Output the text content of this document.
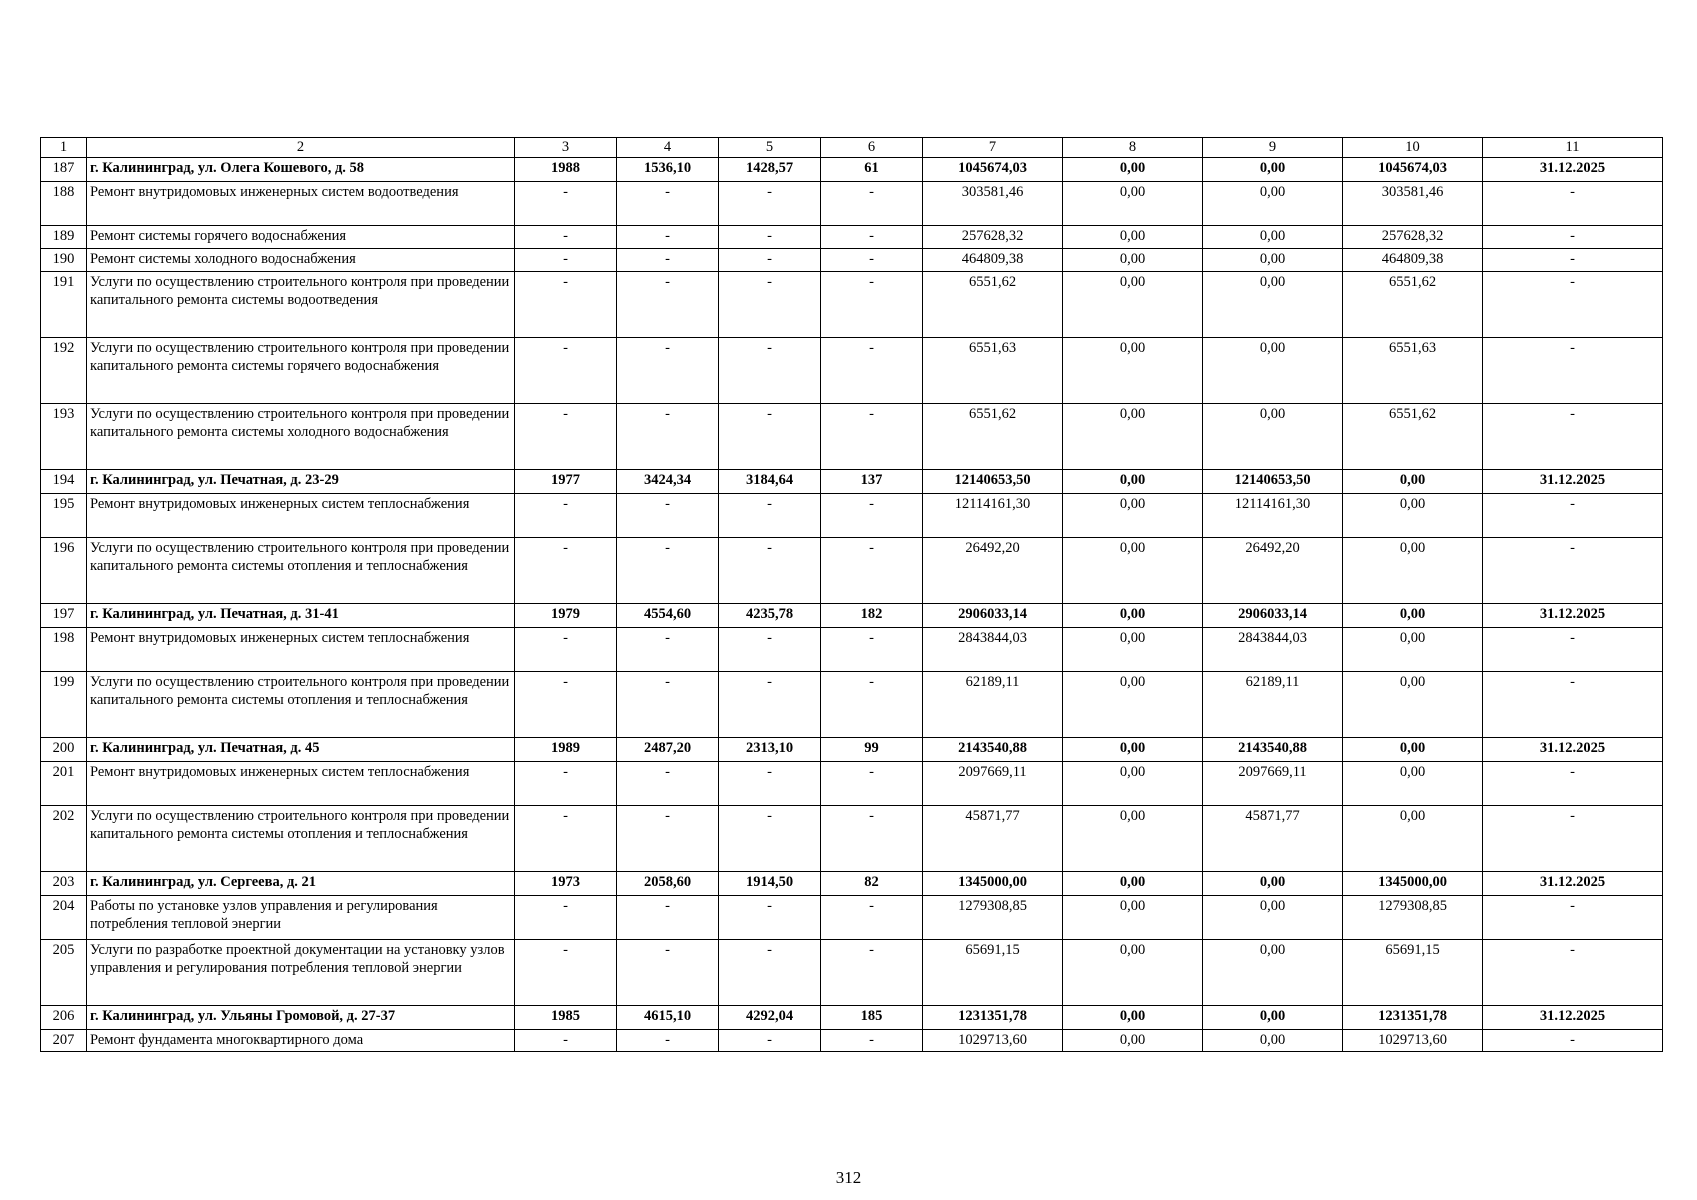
1	2	3	4	5	6	7	8	9	10	11
187	г. Калининград, ул. Олега Кошевого, д. 58	1988	1536,10	1428,57	61	1045674,03	0,00	0,00	1045674,03	31.12.2025
188	Ремонт внутридомовых инженерных систем водоотведения	-	-	-	-	303581,46	0,00	0,00	303581,46	-
189	Ремонт системы горячего водоснабжения	-	-	-	-	257628,32	0,00	0,00	257628,32	-
190	Ремонт системы холодного водоснабжения	-	-	-	-	464809,38	0,00	0,00	464809,38	-
191	Услуги по осуществлению строительного контроля при проведении капитального ремонта системы водоотведения	-	-	-	-	6551,62	0,00	0,00	6551,62	-
192	Услуги по осуществлению строительного контроля при проведении капитального ремонта системы горячего водоснабжения	-	-	-	-	6551,63	0,00	0,00	6551,63	-
193	Услуги по осуществлению строительного контроля при проведении капитального ремонта системы холодного водоснабжения	-	-	-	-	6551,62	0,00	0,00	6551,62	-
194	г. Калининград, ул. Печатная, д. 23-29	1977	3424,34	3184,64	137	12140653,50	0,00	12140653,50	0,00	31.12.2025
195	Ремонт внутридомовых инженерных систем теплоснабжения	-	-	-	-	12114161,30	0,00	12114161,30	0,00	-
196	Услуги по осуществлению строительного контроля при проведении капитального ремонта системы отопления и теплоснабжения	-	-	-	-	26492,20	0,00	26492,20	0,00	-
197	г. Калининград, ул. Печатная, д. 31-41	1979	4554,60	4235,78	182	2906033,14	0,00	2906033,14	0,00	31.12.2025
198	Ремонт внутридомовых инженерных систем теплоснабжения	-	-	-	-	2843844,03	0,00	2843844,03	0,00	-
199	Услуги по осуществлению строительного контроля при проведении капитального ремонта системы отопления и теплоснабжения	-	-	-	-	62189,11	0,00	62189,11	0,00	-
200	г. Калининград, ул. Печатная, д. 45	1989	2487,20	2313,10	99	2143540,88	0,00	2143540,88	0,00	31.12.2025
201	Ремонт внутридомовых инженерных систем теплоснабжения	-	-	-	-	2097669,11	0,00	2097669,11	0,00	-
202	Услуги по осуществлению строительного контроля при проведении капитального ремонта системы отопления и теплоснабжения	-	-	-	-	45871,77	0,00	45871,77	0,00	-
203	г. Калининград, ул. Сергеева, д. 21	1973	2058,60	1914,50	82	1345000,00	0,00	0,00	1345000,00	31.12.2025
204	Работы по установке узлов управления и регулирования потребления тепловой энергии	-	-	-	-	1279308,85	0,00	0,00	1279308,85	-
205	Услуги по разработке проектной документации на установку узлов управления и регулирования потребления тепловой энергии	-	-	-	-	65691,15	0,00	0,00	65691,15	-
206	г. Калининград, ул. Ульяны Громовой, д. 27-37	1985	4615,10	4292,04	185	1231351,78	0,00	0,00	1231351,78	31.12.2025
207	Ремонт фундамента многоквартирного дома	-	-	-	-	1029713,60	0,00	0,00	1029713,60	-
312
